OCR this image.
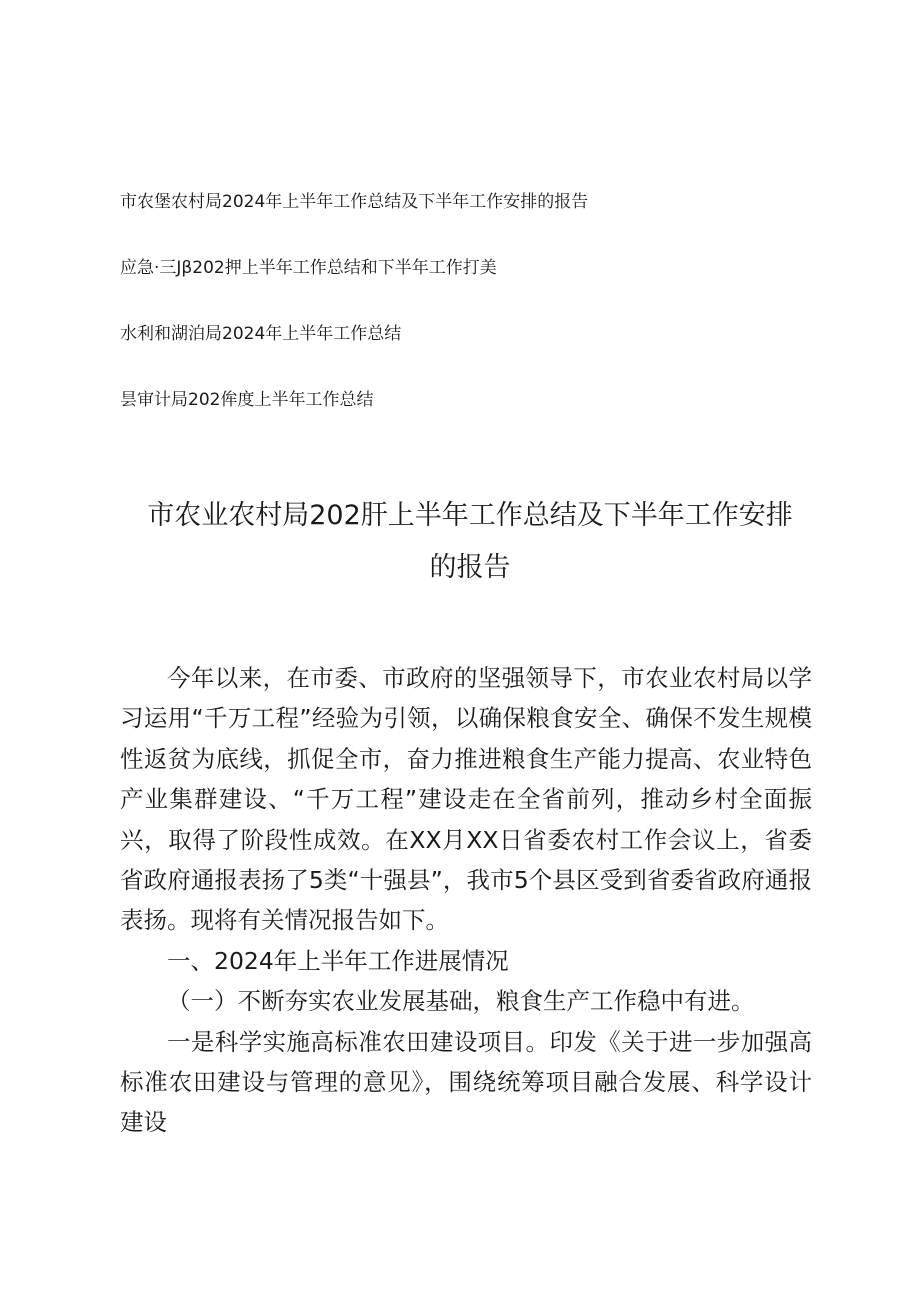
市农堡农村局2024年上半年工作总结及下半年工作安排的报告
应急·三Jβ202押上半年工作总结和下半年工作打美
水利和湖泊局2024年上半年工作总结
昙审计局202侔度上半年工作总结
市农业农村局202肝上半年工作总结及下半年工作安排
的报告

今年以来，在市委、市政府的坚强领导下，市农业农村局以学习运用“千万工程”经验为引领，以确保粮食安全、确保不发生规模性返贫为底线，抓促全市，奋力推进粮食生产能力提高、农业特色产业集群建设、“千万工程”建设走在全省前列，推动乡村全面振兴，取得了阶段性成效。在XX月XX日省委农村工作会议上，省委省政府通报表扬了5类“十强县”，我市5个县区受到省委省政府通报表扬。现将有关情况报告如下。

一、2024年上半年工作进展情况

（一）不断夯实农业发展基础，粮食生产工作稳中有进。

一是科学实施高标准农田建设项目。印发《关于进一步加强高标准农田建设与管理的意见》，围绕统筹项目融合发展、科学设计建设
